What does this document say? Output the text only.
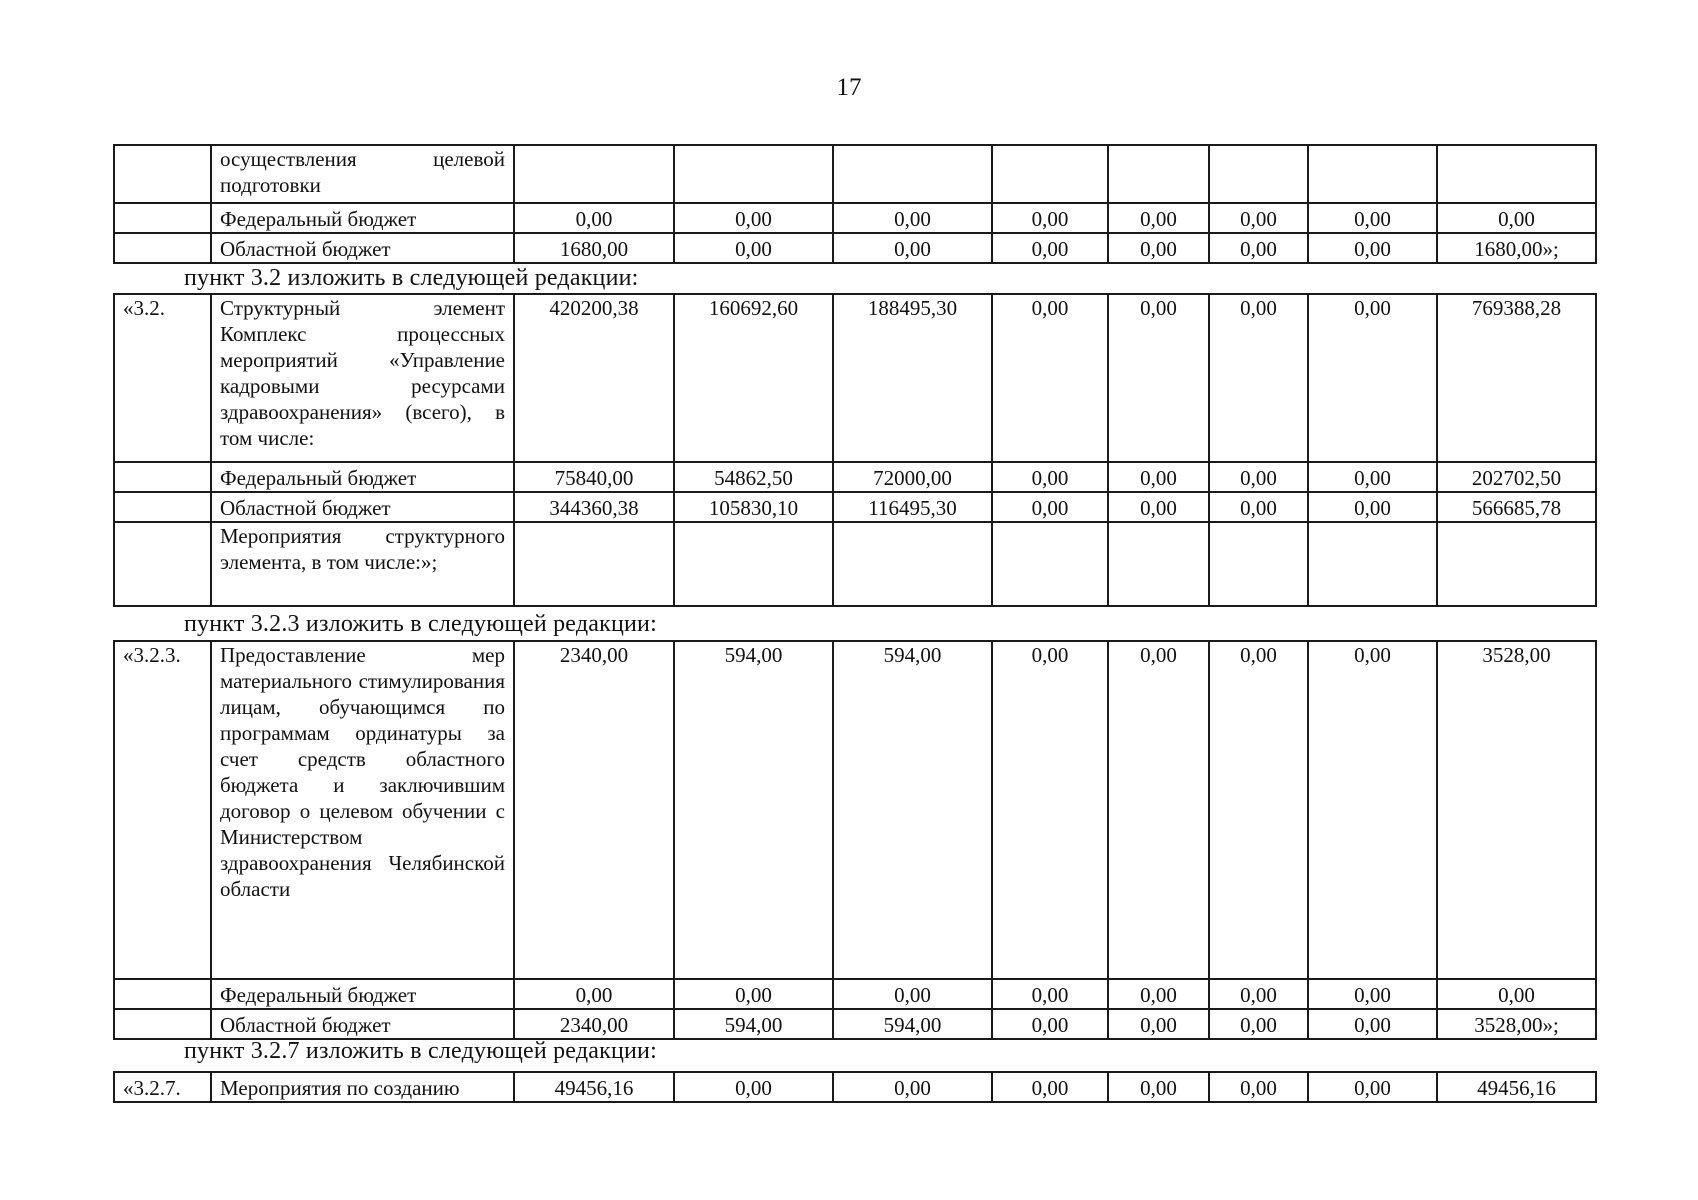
17
	осуществления целевой подготовки								
	Федеральный бюджет	0,00	0,00	0,00	0,00	0,00	0,00	0,00	0,00
	Областной бюджет	1680,00	0,00	0,00	0,00	0,00	0,00	0,00	1680,00»;
пункт 3.2 изложить в следующей редакции:
«3.2.	Структурный элемент Комплекс процессных мероприятий «Управление кадровыми ресурсами здравоохранения» (всего), в том числе:	420200,38	160692,60	188495,30	0,00	0,00	0,00	0,00	769388,28
	Федеральный бюджет	75840,00	54862,50	72000,00	0,00	0,00	0,00	0,00	202702,50
	Областной бюджет	344360,38	105830,10	116495,30	0,00	0,00	0,00	0,00	566685,78
	Мероприятия структурного элемента, в том числе:»;								
пункт 3.2.3 изложить в следующей редакции:
«3.2.3.	Предоставление мер материального стимулирования лицам, обучающимся по программам ординатуры за счет средств областного бюджета и заключившим договор о целевом обучении с Министерством здравоохранения Челябинской области	2340,00	594,00	594,00	0,00	0,00	0,00	0,00	3528,00
	Федеральный бюджет	0,00	0,00	0,00	0,00	0,00	0,00	0,00	0,00
	Областной бюджет	2340,00	594,00	594,00	0,00	0,00	0,00	0,00	3528,00»;
пункт 3.2.7 изложить в следующей редакции:
«3.2.7.	Мероприятия по созданию	49456,16	0,00	0,00	0,00	0,00	0,00	0,00	49456,16
